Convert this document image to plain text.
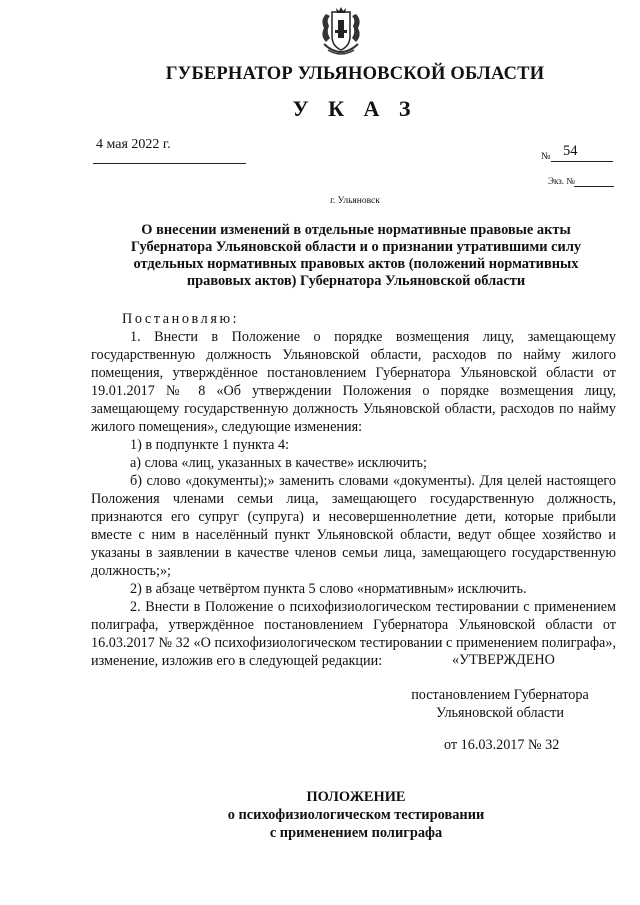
ГУБЕРНАТОР УЛЬЯНОВСКОЙ ОБЛАСТИ
У К А З
4 мая 2022 г.
№ 54
Экз. №
г. Ульяновск
О внесении изменений в отдельные нормативные правовые акты
Губернатора Ульяновской области и о признании утратившими силу
отдельных нормативных правовых актов (положений нормативных
правовых актов) Губернатора Ульяновской области

Постановляю:

1. Внести в Положение о порядке возмещения лицу, замещающему государственную должность Ульяновской области, расходов по найму жилого помещения, утверждённое постановлением Губернатора Ульяновской области от 19.01.2017 № 8 «Об утверждении Положения о порядке возмещения лицу, замещающему государственную должность Ульяновской области, расходов по найму жилого помещения», следующие изменения:

1) в подпункте 1 пункта 4:

а) слова «лиц, указанных в качестве» исключить;

б) слово «документы);» заменить словами «документы). Для целей настоящего Положения членами семьи лица, замещающего государственную должность, признаются его супруг (супруга) и несовершеннолетние дети, которые прибыли вместе с ним в населённый пункт Ульяновской области, ведут общее хозяйство и указаны в заявлении в качестве членов семьи лица, замещающего государственную должность;»;

2) в абзаце четвёртом пункта 5 слово «нормативным» исключить.

2. Внести в Положение о психофизиологическом тестировании с применением полиграфа, утверждённое постановлением Губернатора Ульяновской области от 16.03.2017 № 32 «О психофизиологическом тестировании с применением полиграфа», изменение, изложив его в следующей редакции:	«УТВЕРЖДЕНО
постановлением Губернатора
Ульяновской области
от 16.03.2017 № 32
ПОЛОЖЕНИЕ
о психофизиологическом тестировании
с применением полиграфа
